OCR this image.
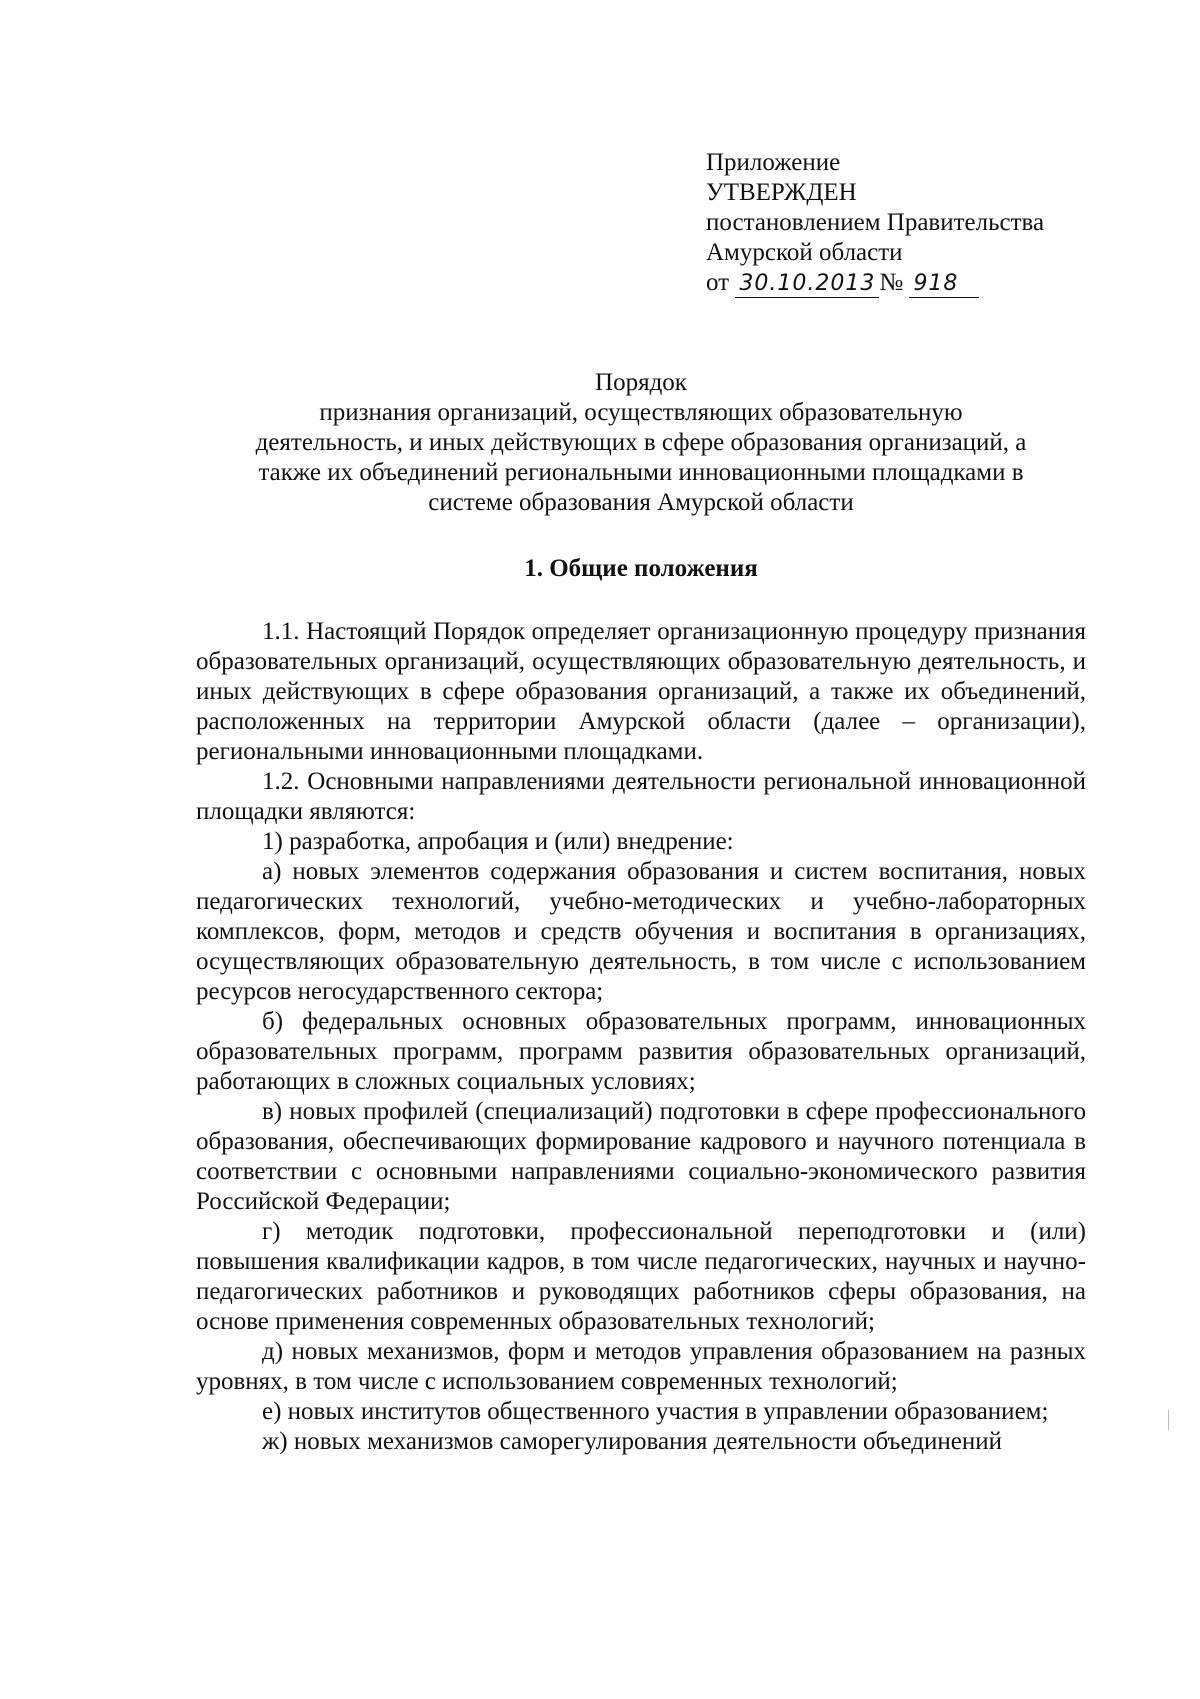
Приложение
УТВЕРЖДЕН
постановлением Правительства
Амурской области
от 30.10.2013 № 918
Порядок
признания организаций, осуществляющих образовательную
деятельность, и иных действующих в сфере образования организаций, а
также их объединений региональными инновационными площадками в
системе образования Амурской области
1. Общие положения

1.1. Настоящий Порядок определяет организационную процедуру признания образовательных организаций, осуществляющих образовательную деятельность, и иных действующих в сфере образования организаций, а также их объединений, расположенных на территории Амурской области (далее – организации), региональными инновационными площадками.

1.2. Основными направлениями деятельности региональной инновационной площадки являются:

1) разработка, апробация и (или) внедрение:

а) новых элементов содержания образования и систем воспитания, новых педагогических технологий, учебно-методических и учебно-лабораторных комплексов, форм, методов и средств обучения и воспитания в организациях, осуществляющих образовательную деятельность, в том числе с использованием ресурсов негосударственного сектора;

б) федеральных основных образовательных программ, инновационных образовательных программ, программ развития образовательных организаций, работающих в сложных социальных условиях;

в) новых профилей (специализаций) подготовки в сфере профессионального образования, обеспечивающих формирование кадрового и научного потенциала в соответствии с основными направлениями социально-экономического развития Российской Федерации;

г) методик подготовки, профессиональной переподготовки и (или) повышения квалификации кадров, в том числе педагогических, научных и научно-педагогических работников и руководящих работников сферы образования, на основе применения современных образовательных технологий;

д) новых механизмов, форм и методов управления образованием на разных уровнях, в том числе с использованием современных технологий;

е) новых институтов общественного участия в управлении образованием;

ж) новых механизмов саморегулирования деятельности объединений
